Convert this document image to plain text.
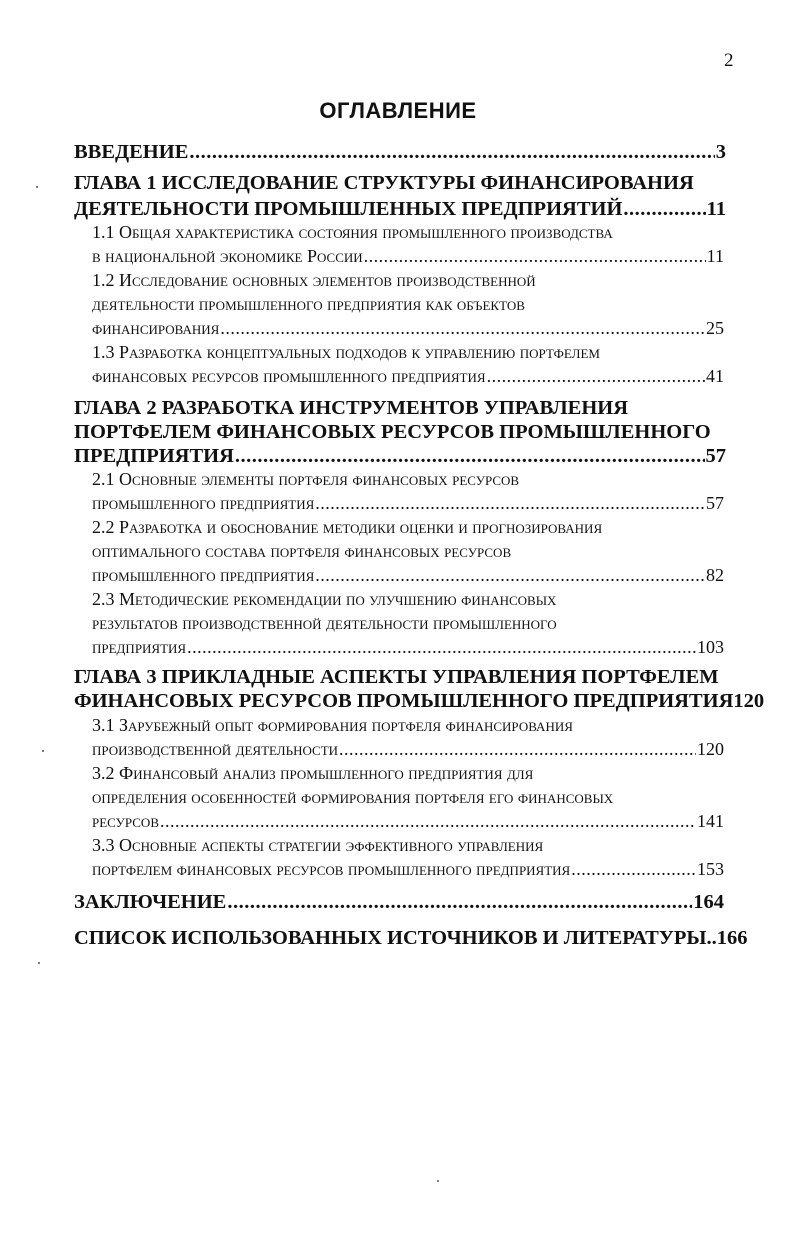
2
ОГЛАВЛЕНИЕ
ВВЕДЕНИЕ .....	3
ГЛАВА 1 ИССЛЕДОВАНИЕ СТРУКТУРЫ ФИНАНСИРОВАНИЯ
ДЕЯТЕЛЬНОСТИ ПРОМЫШЛЕННЫХ ПРЕДПРИЯТИЙ .....	11
1.1 Общая характеристика состояния промышленного производства
в национальной экономике России .....	11
1.2 Исследование основных элементов производственной
деятельности промышленного предприятия как объектов
финансирования .....	25
1.3 Разработка концептуальных подходов к управлению портфелем
финансовых ресурсов промышленного предприятия .....	41
ГЛАВА 2 РАЗРАБОТКА ИНСТРУМЕНТОВ УПРАВЛЕНИЯ
ПОРТФЕЛЕМ ФИНАНСОВЫХ РЕСУРСОВ ПРОМЫШЛЕННОГО
ПРЕДПРИЯТИЯ .....	57
2.1 Основные элементы портфеля финансовых ресурсов
промышленного предприятия .....	57
2.2 Разработка и обоснование методики оценки и прогнозирования
оптимального состава портфеля финансовых ресурсов
промышленного предприятия .....	82
2.3 Методические рекомендации по улучшению финансовых
результатов производственной деятельности промышленного
предприятия .....	103
ГЛАВА 3 ПРИКЛАДНЫЕ АСПЕКТЫ УПРАВЛЕНИЯ ПОРТФЕЛЕМ
ФИНАНСОВЫХ РЕСУРСОВ ПРОМЫШЛЕННОГО ПРЕДПРИЯТИЯ 120
3.1 Зарубежный опыт формирования портфеля финансирования
производственной деятельности .....	120
3.2 Финансовый анализ промышленного предприятия для
определения особенностей формирования портфеля его финансовых
ресурсов .....	141
3.3 Основные аспекты стратегии эффективного управления
портфелем финансовых ресурсов промышленного предприятия .....	153
ЗАКЛЮЧЕНИЕ .....	164
СПИСОК ИСПОЛЬЗОВАННЫХ ИСТОЧНИКОВ И ЛИТЕРАТУРЫ .. 166
